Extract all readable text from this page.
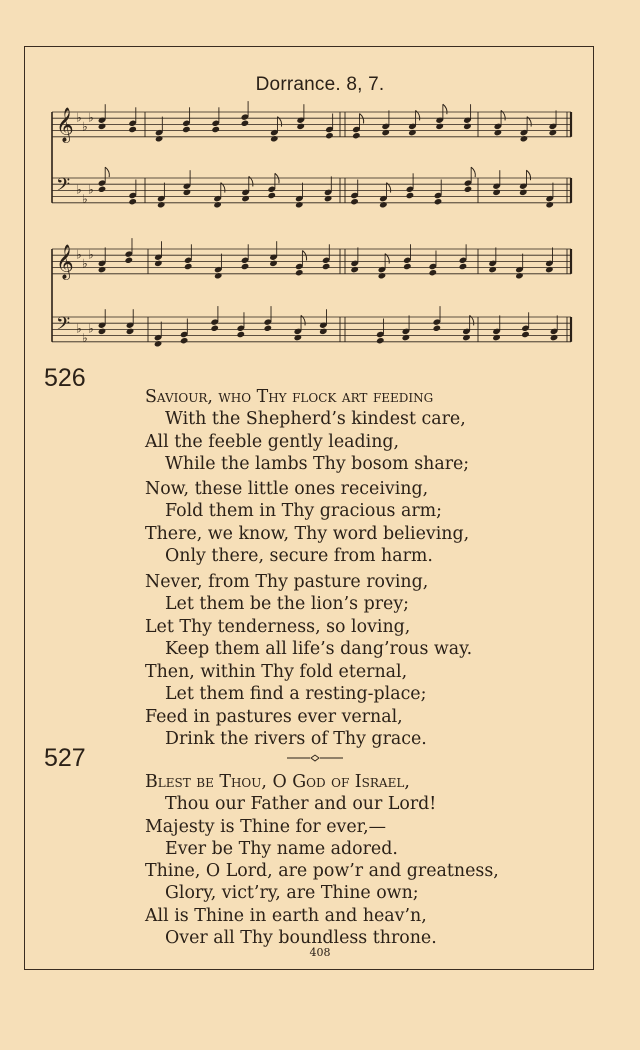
Dorrance. 8, 7.
𝄞 ♭
♭
♭
𝄢 ♭
♭
♭
𝄞 ♭
♭
♭
𝄢 ♭
♭
♭
526
Saviour, who Thy flock art feeding
With the Shepherd’s kindest care,
All the feeble gently leading,
While the lambs Thy bosom share;
Now, these little ones receiving,
Fold them in Thy gracious arm;
There, we know, Thy word believing,
Only there, secure from harm.
Never, from Thy pasture roving,
Let them be the lion’s prey;
Let Thy tenderness, so loving,
Keep them all life’s dang’rous way.
Then, within Thy fold eternal,
Let them find a resting-place;
Feed in pastures ever vernal,
Drink the rivers of Thy grace.
527
Blest be Thou, O God of Israel,
Thou our Father and our Lord!
Majesty is Thine for ever,—
Ever be Thy name adored.
Thine, O Lord, are pow’r and greatness,
Glory, vict’ry, are Thine own;
All is Thine in earth and heav’n,
Over all Thy boundless throne.
408
